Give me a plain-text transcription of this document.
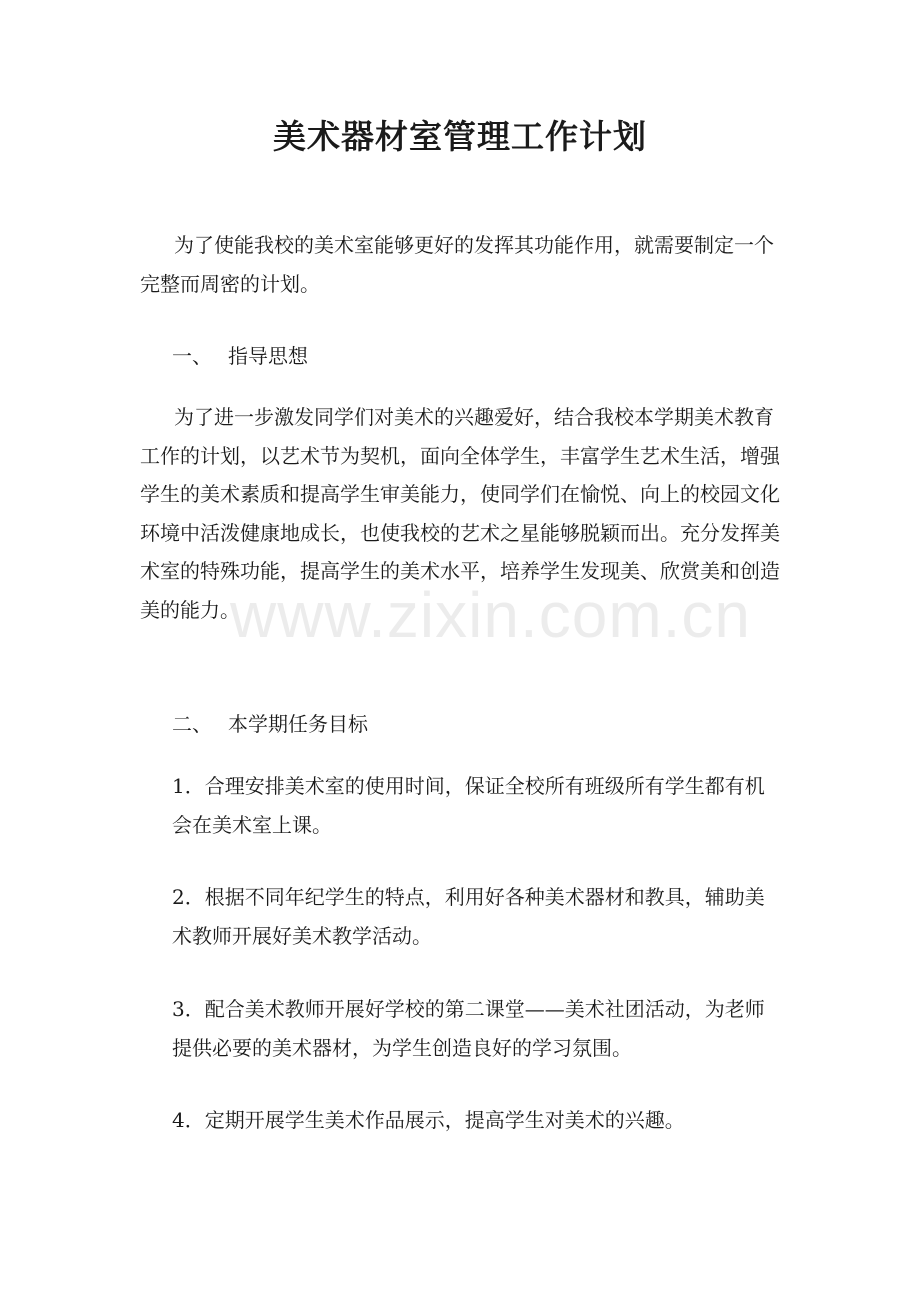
美术器材室管理工作计划

为了使能我校的美术室能够更好的发挥其功能作用，就需要制定一个完整而周密的计划。

一、 指导思想

为了进一步激发同学们对美术的兴趣爱好，结合我校本学期美术教育工作的计划，以艺术节为契机，面向全体学生，丰富学生艺术生活，增强学生的美术素质和提高学生审美能力，使同学们在愉悦、向上的校园文化环境中活泼健康地成长，也使我校的艺术之星能够脱颖而出。充分发挥美术室的特殊功能，提高学生的美术水平，培养学生发现美、欣赏美和创造美的能力。

二、 本学期任务目标

1．合理安排美术室的使用时间，保证全校所有班级所有学生都有机会在美术室上课。

2．根据不同年纪学生的特点，利用好各种美术器材和教具，辅助美术教师开展好美术教学活动。

3．配合美术教师开展好学校的第二课堂——美术社团活动，为老师提供必要的美术器材，为学生创造良好的学习氛围。

4．定期开展学生美术作品展示，提高学生对美术的兴趣。

www.zixin.com.cn
